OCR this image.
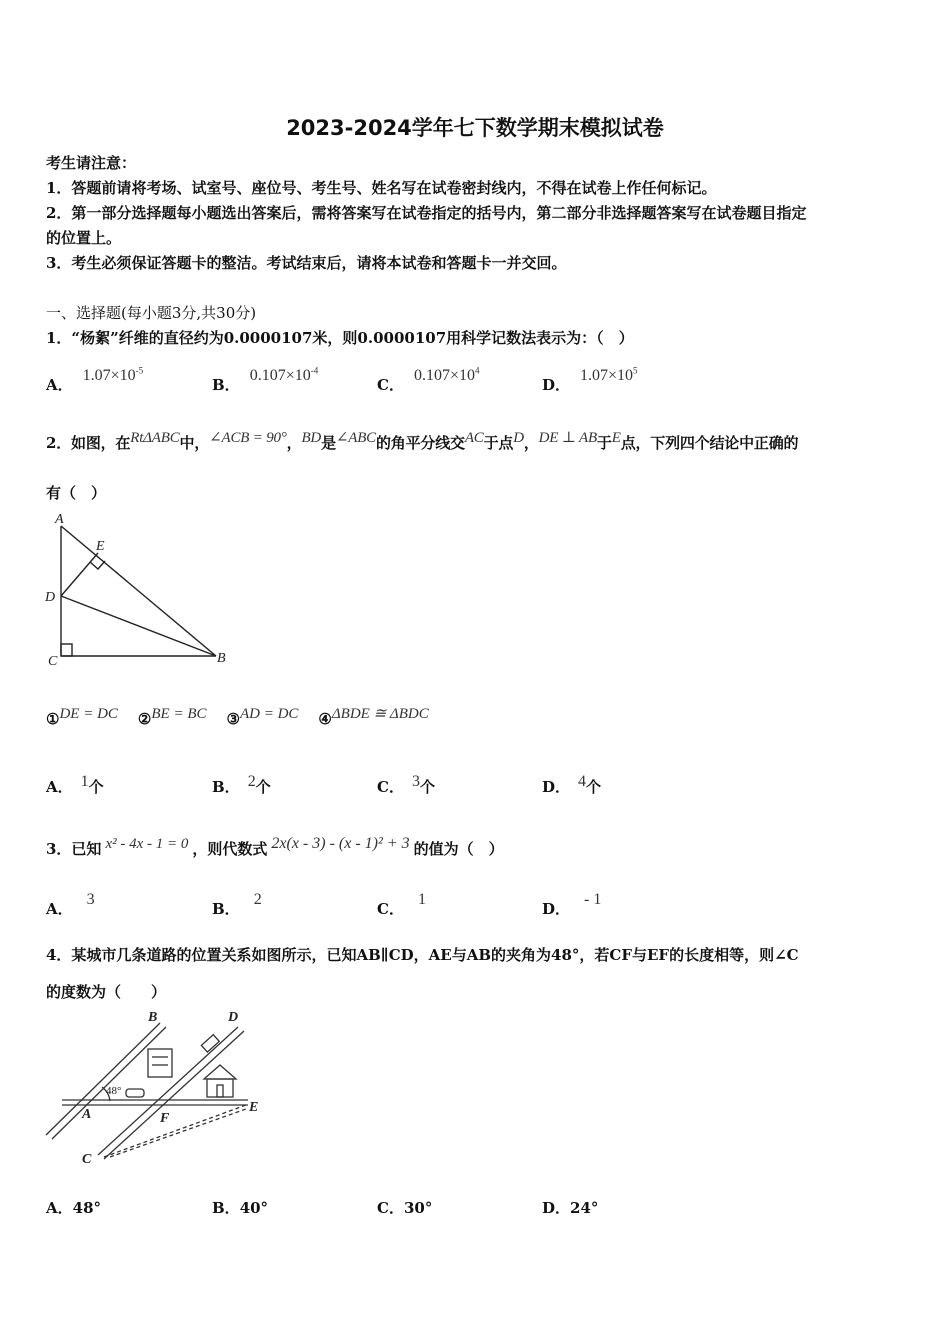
2023-2024学年七下数学期末模拟试卷
考生请注意：
1．答题前请将考场、试室号、座位号、考生号、姓名写在试卷密封线内，不得在试卷上作任何标记。
2．第一部分选择题每小题选出答案后，需将答案写在试卷指定的括号内，第二部分非选择题答案写在试卷题目指定
的位置上。
3．考生必须保证答题卡的整洁。考试结束后，请将本试卷和答题卡一并交回。
一、选择题(每小题3分,共30分)
1．“杨絮”纤维的直径约为0.0000107米，则0.0000107用科学记数法表示为：（　）
A．$1.07\times 10^{-5}$
B．$0.107\times 10^{-4}$
C．$0.107\times 10^4$
D．$1.07\times 10^5$
2．如图，在RtΔABC中，∠ACB = 90°，BD是∠ABC的角平分线交AC于点D，DE ⊥ AB于E点，下列四个结论中正确的
有（　）
A
E
D
C	B
①DE = DC ②BE = BC ③AD = DC ④ΔBDE ≅ ΔBDC
A． 1个	B． 2个	C． 3个	D． 4个
3．已知 x² - 4x - 1 = 0 ，则代数式 2x(x - 3) - (x - 1)² + 3 的值为（　）
A．3
B．2
C．1
D．- 1
4．某城市几条道路的位置关系如图所示，已知AB∥CD，AE与AB的夹角为48°，若CF与EF的长度相等，则∠C
的度数为（　　）
B	D
A	F
E
C
48°
A．48°	B．40°	C．30°	D．24°
